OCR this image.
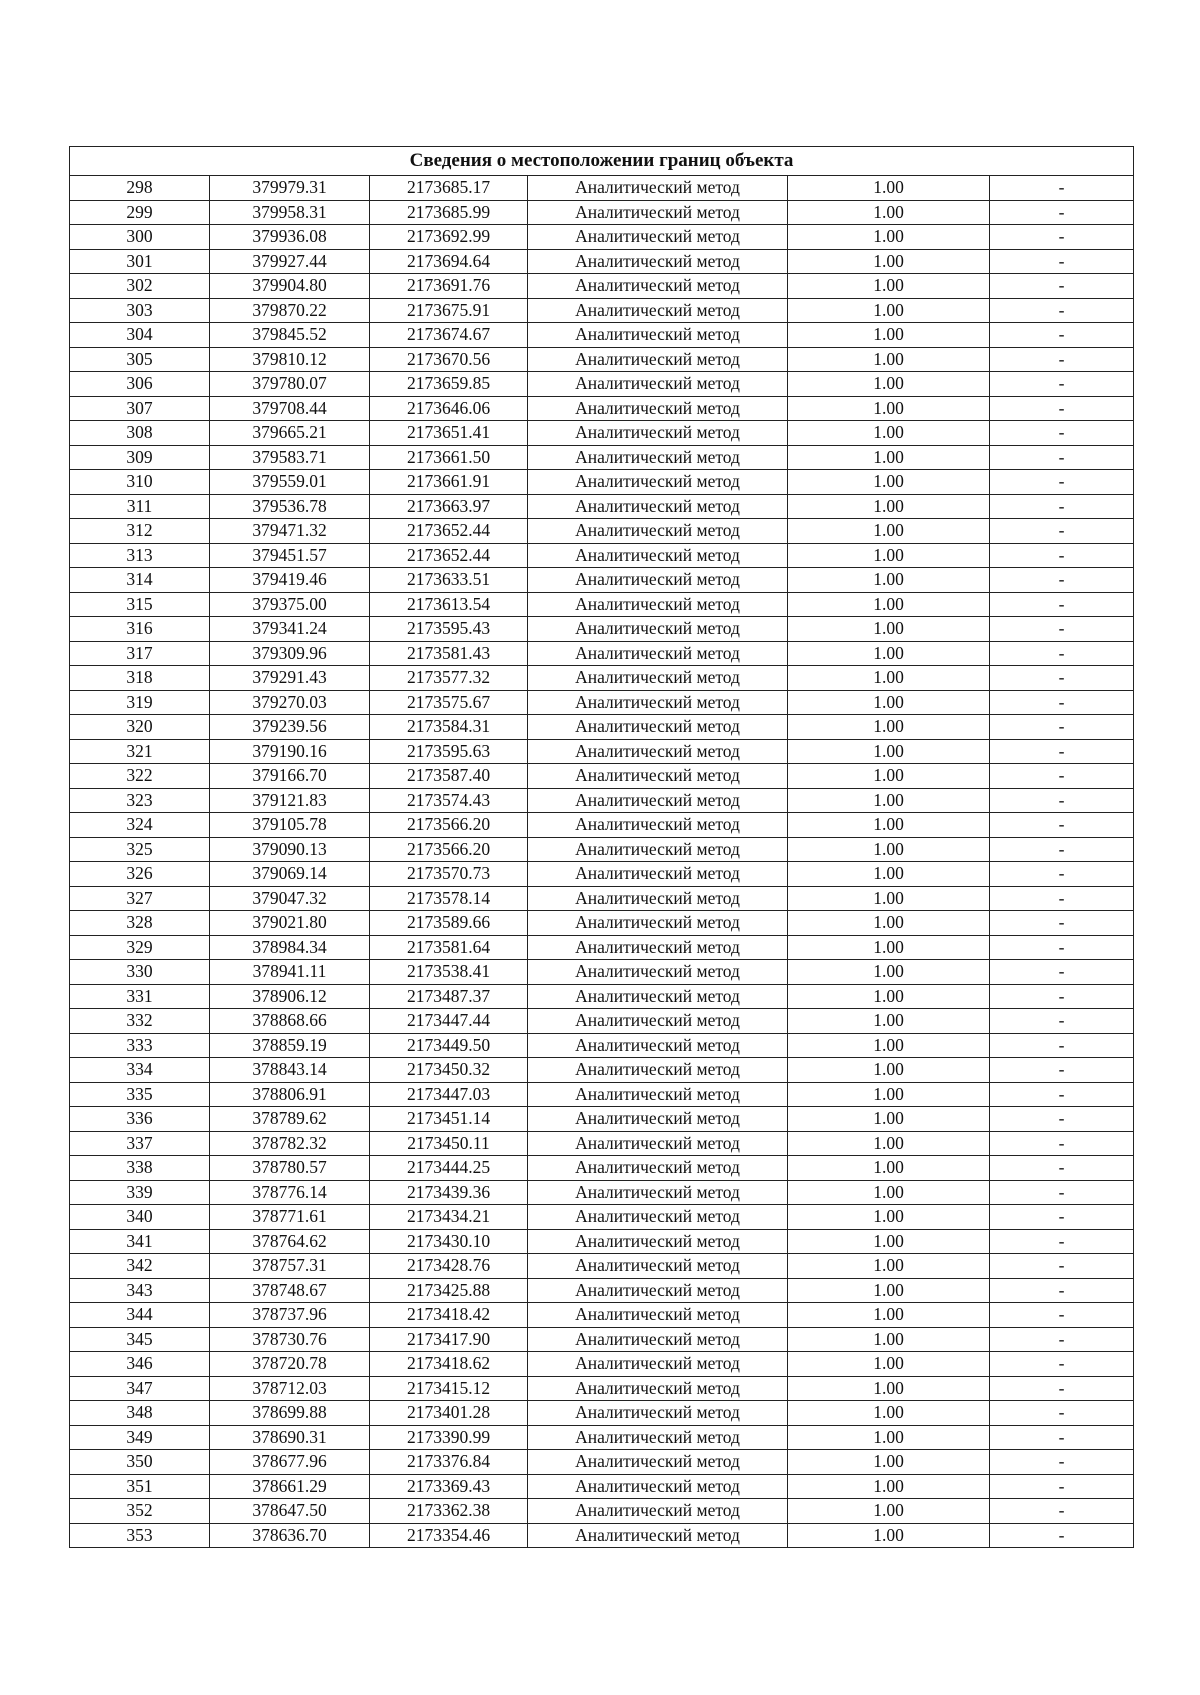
Сведения о местоположении границ объекта					
298	379979.31	2173685.17	Аналитический метод	1.00	-
299	379958.31	2173685.99	Аналитический метод	1.00	-
300	379936.08	2173692.99	Аналитический метод	1.00	-
301	379927.44	2173694.64	Аналитический метод	1.00	-
302	379904.80	2173691.76	Аналитический метод	1.00	-
303	379870.22	2173675.91	Аналитический метод	1.00	-
304	379845.52	2173674.67	Аналитический метод	1.00	-
305	379810.12	2173670.56	Аналитический метод	1.00	-
306	379780.07	2173659.85	Аналитический метод	1.00	-
307	379708.44	2173646.06	Аналитический метод	1.00	-
308	379665.21	2173651.41	Аналитический метод	1.00	-
309	379583.71	2173661.50	Аналитический метод	1.00	-
310	379559.01	2173661.91	Аналитический метод	1.00	-
311	379536.78	2173663.97	Аналитический метод	1.00	-
312	379471.32	2173652.44	Аналитический метод	1.00	-
313	379451.57	2173652.44	Аналитический метод	1.00	-
314	379419.46	2173633.51	Аналитический метод	1.00	-
315	379375.00	2173613.54	Аналитический метод	1.00	-
316	379341.24	2173595.43	Аналитический метод	1.00	-
317	379309.96	2173581.43	Аналитический метод	1.00	-
318	379291.43	2173577.32	Аналитический метод	1.00	-
319	379270.03	2173575.67	Аналитический метод	1.00	-
320	379239.56	2173584.31	Аналитический метод	1.00	-
321	379190.16	2173595.63	Аналитический метод	1.00	-
322	379166.70	2173587.40	Аналитический метод	1.00	-
323	379121.83	2173574.43	Аналитический метод	1.00	-
324	379105.78	2173566.20	Аналитический метод	1.00	-
325	379090.13	2173566.20	Аналитический метод	1.00	-
326	379069.14	2173570.73	Аналитический метод	1.00	-
327	379047.32	2173578.14	Аналитический метод	1.00	-
328	379021.80	2173589.66	Аналитический метод	1.00	-
329	378984.34	2173581.64	Аналитический метод	1.00	-
330	378941.11	2173538.41	Аналитический метод	1.00	-
331	378906.12	2173487.37	Аналитический метод	1.00	-
332	378868.66	2173447.44	Аналитический метод	1.00	-
333	378859.19	2173449.50	Аналитический метод	1.00	-
334	378843.14	2173450.32	Аналитический метод	1.00	-
335	378806.91	2173447.03	Аналитический метод	1.00	-
336	378789.62	2173451.14	Аналитический метод	1.00	-
337	378782.32	2173450.11	Аналитический метод	1.00	-
338	378780.57	2173444.25	Аналитический метод	1.00	-
339	378776.14	2173439.36	Аналитический метод	1.00	-
340	378771.61	2173434.21	Аналитический метод	1.00	-
341	378764.62	2173430.10	Аналитический метод	1.00	-
342	378757.31	2173428.76	Аналитический метод	1.00	-
343	378748.67	2173425.88	Аналитический метод	1.00	-
344	378737.96	2173418.42	Аналитический метод	1.00	-
345	378730.76	2173417.90	Аналитический метод	1.00	-
346	378720.78	2173418.62	Аналитический метод	1.00	-
347	378712.03	2173415.12	Аналитический метод	1.00	-
348	378699.88	2173401.28	Аналитический метод	1.00	-
349	378690.31	2173390.99	Аналитический метод	1.00	-
350	378677.96	2173376.84	Аналитический метод	1.00	-
351	378661.29	2173369.43	Аналитический метод	1.00	-
352	378647.50	2173362.38	Аналитический метод	1.00	-
353	378636.70	2173354.46	Аналитический метод	1.00	-
